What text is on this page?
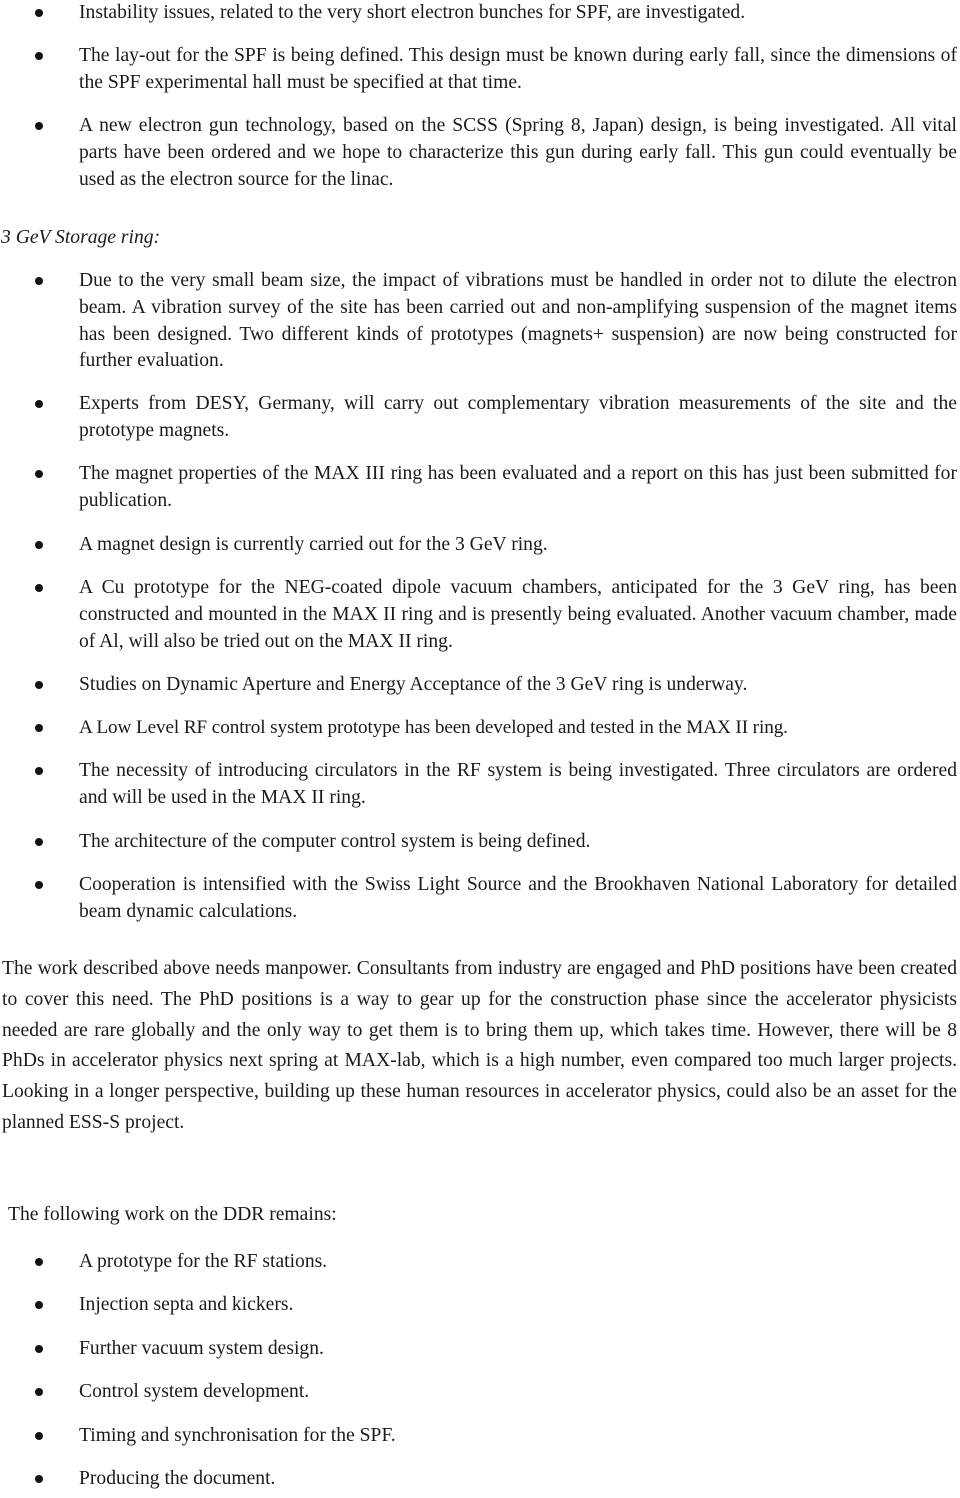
Instability issues, related to the very short electron bunches for SPF, are investigated.

The lay-out for the SPF is being defined. This design must be known during early fall, since the dimensions of the SPF experimental hall must be specified at that time.

A new electron gun technology, based on the SCSS (Spring 8, Japan) design, is being investigated. All vital parts have been ordered and we hope to characterize this gun during early fall. This gun could eventually be used as the electron source for the linac.

3 GeV Storage ring:

Due to the very small beam size, the impact of vibrations must be handled in order not to dilute the electron beam. A vibration survey of the site has been carried out and non-amplifying suspension of the magnet items has been designed. Two different kinds of prototypes (magnets+ suspension) are now being constructed for further evaluation.

Experts from DESY, Germany, will carry out complementary vibration measurements of the site and the prototype magnets.

The magnet properties of the MAX III ring has been evaluated and a report on this has just been submitted for publication.

A magnet design is currently carried out for the 3 GeV ring.

A Cu prototype for the NEG-coated dipole vacuum chambers, anticipated for the 3 GeV ring, has been constructed and mounted in the MAX II ring and is presently being evaluated. Another vacuum chamber, made of Al, will also be tried out on the MAX II ring.

Studies on Dynamic Aperture and Energy Acceptance of the 3 GeV ring is underway.

A Low Level RF control system prototype has been developed and tested in the MAX II ring.

The necessity of introducing circulators in the RF system is being investigated. Three circulators are ordered and will be used in the MAX II ring.

The architecture of the computer control system is being defined.

Cooperation is intensified with the Swiss Light Source and the Brookhaven National Laboratory for detailed beam dynamic calculations.

The work described above needs manpower. Consultants from industry are engaged and PhD positions have been created to cover this need. The PhD positions is a way to gear up for the construction phase since the accelerator physicists needed are rare globally and the only way to get them is to bring them up, which takes time. However, there will be 8 PhDs in accelerator physics next spring at MAX-lab, which is a high number, even compared too much larger projects. Looking in a longer perspective, building up these human resources in accelerator physics, could also be an asset for the planned ESS-S project.

The following work on the DDR remains:

A prototype for the RF stations.

Injection septa and kickers.

Further vacuum system design.

Control system development.

Timing and synchronisation for the SPF.

Producing the document.
